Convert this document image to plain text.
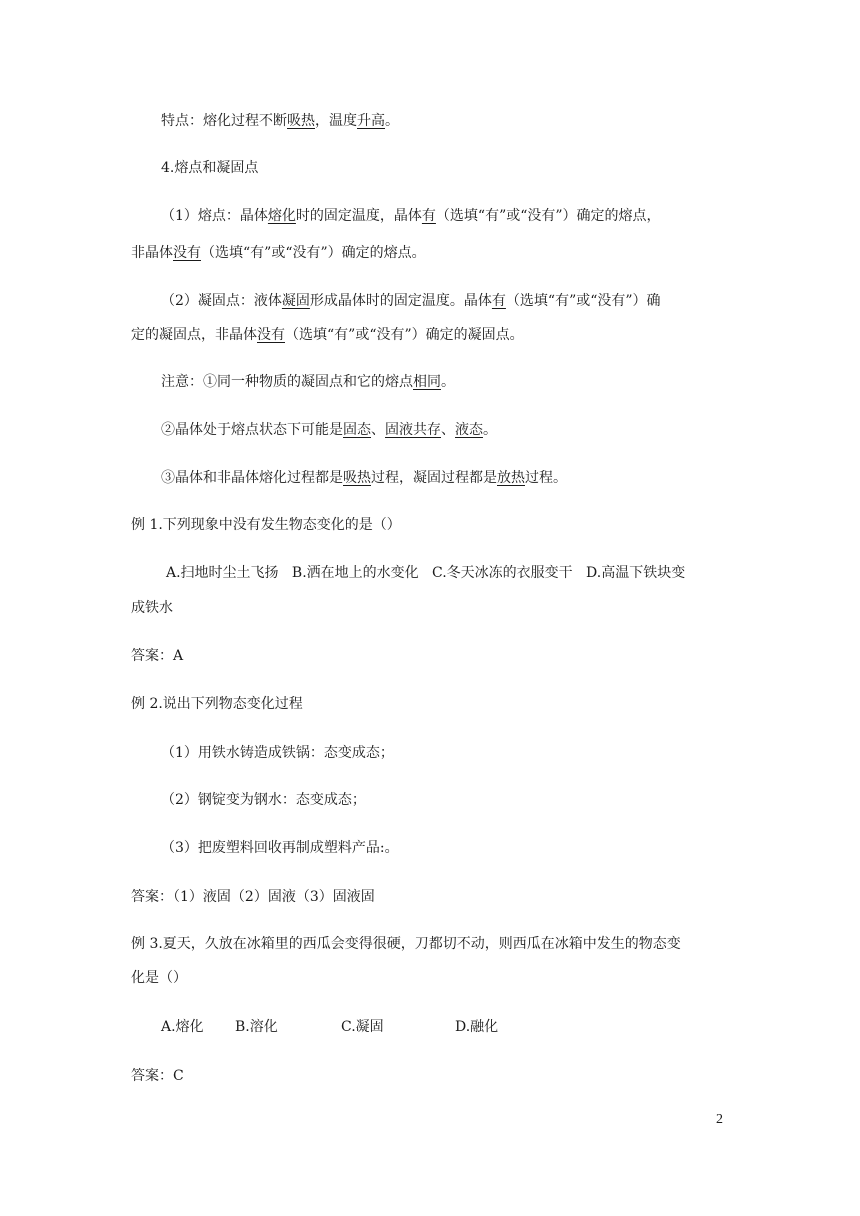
特点：熔化过程不断吸热，温度升高。
4.熔点和凝固点
（1）熔点：晶体熔化时的固定温度，晶体有（选填“有”或“没有”）确定的熔点，
非晶体没有（选填“有”或“没有”）确定的熔点。
（2）凝固点：液体凝固形成晶体时的固定温度。晶体有（选填“有”或“没有”）确
定的凝固点，非晶体没有（选填“有”或“没有”）确定的凝固点。
注意：①同一种物质的凝固点和它的熔点相同。
②晶体处于熔点状态下可能是固态、固液共存、液态。
③晶体和非晶体熔化过程都是吸热过程，凝固过程都是放热过程。
例 1.下列现象中没有发生物态变化的是（）
A.扫地时尘土飞扬   B.洒在地上的水变化   C.冬天冰冻的衣服变干   D.高温下铁块变
成铁水
答案：A
例 2.说出下列物态变化过程
（1）用铁水铸造成铁锅：态变成态；
（2）钢锭变为钢水：态变成态；
（3）把废塑料回收再制成塑料产品:。
答案：（1）液固（2）固液（3）固液固
例 3.夏天，久放在冰箱里的西瓜会变得很硬，刀都切不动，则西瓜在冰箱中发生的物态变
化是（）
A.熔化 B.溶化	C.凝固	D.融化
答案：C
2
